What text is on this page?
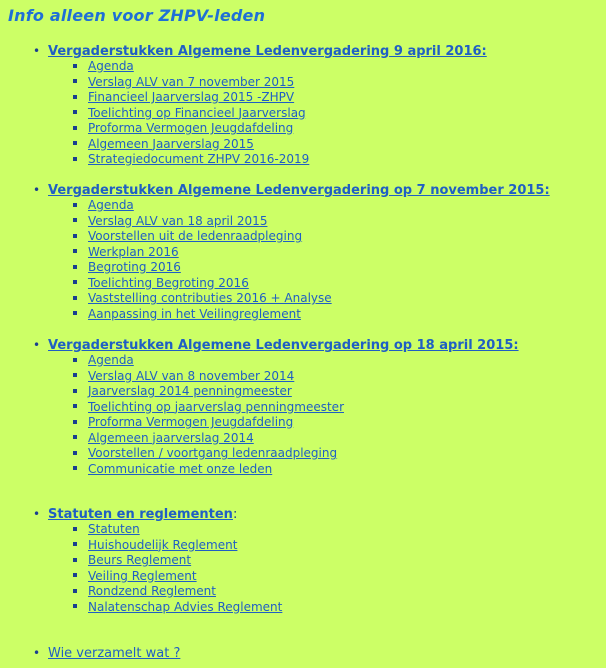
Info alleen voor ZHPV-leden
• Vergaderstukken Algemene Ledenvergadering 9 april 2016:
Agenda
Verslag ALV van 7 november 2015
Financieel Jaarverslag 2015 -ZHPV
Toelichting op Financieel Jaarverslag
Proforma Vermogen Jeugdafdeling
Algemeen Jaarverslag 2015
Strategiedocument ZHPV 2016-2019
• Vergaderstukken Algemene Ledenvergadering op 7 november 2015:
Agenda
Verslag ALV van 18 april 2015
Voorstellen uit de ledenraadpleging
Werkplan 2016
Begroting 2016
Toelichting Begroting 2016
Vaststelling contributies 2016 + Analyse
Aanpassing in het Veilingreglement
• Vergaderstukken Algemene Ledenvergadering op 18 april 2015:
Agenda
Verslag ALV van 8 november 2014
Jaarverslag 2014 penningmeester
Toelichting op jaarverslag penningmeester
Proforma Vermogen Jeugdafdeling
Algemeen jaarverslag 2014
Voorstellen / voortgang ledenraadpleging
Communicatie met onze leden
• Statuten en reglementen:
Statuten
Huishoudelijk Reglement
Beurs Reglement
Veiling Reglement
Rondzend Reglement
Nalatenschap Advies Reglement
• Wie verzamelt wat ?
